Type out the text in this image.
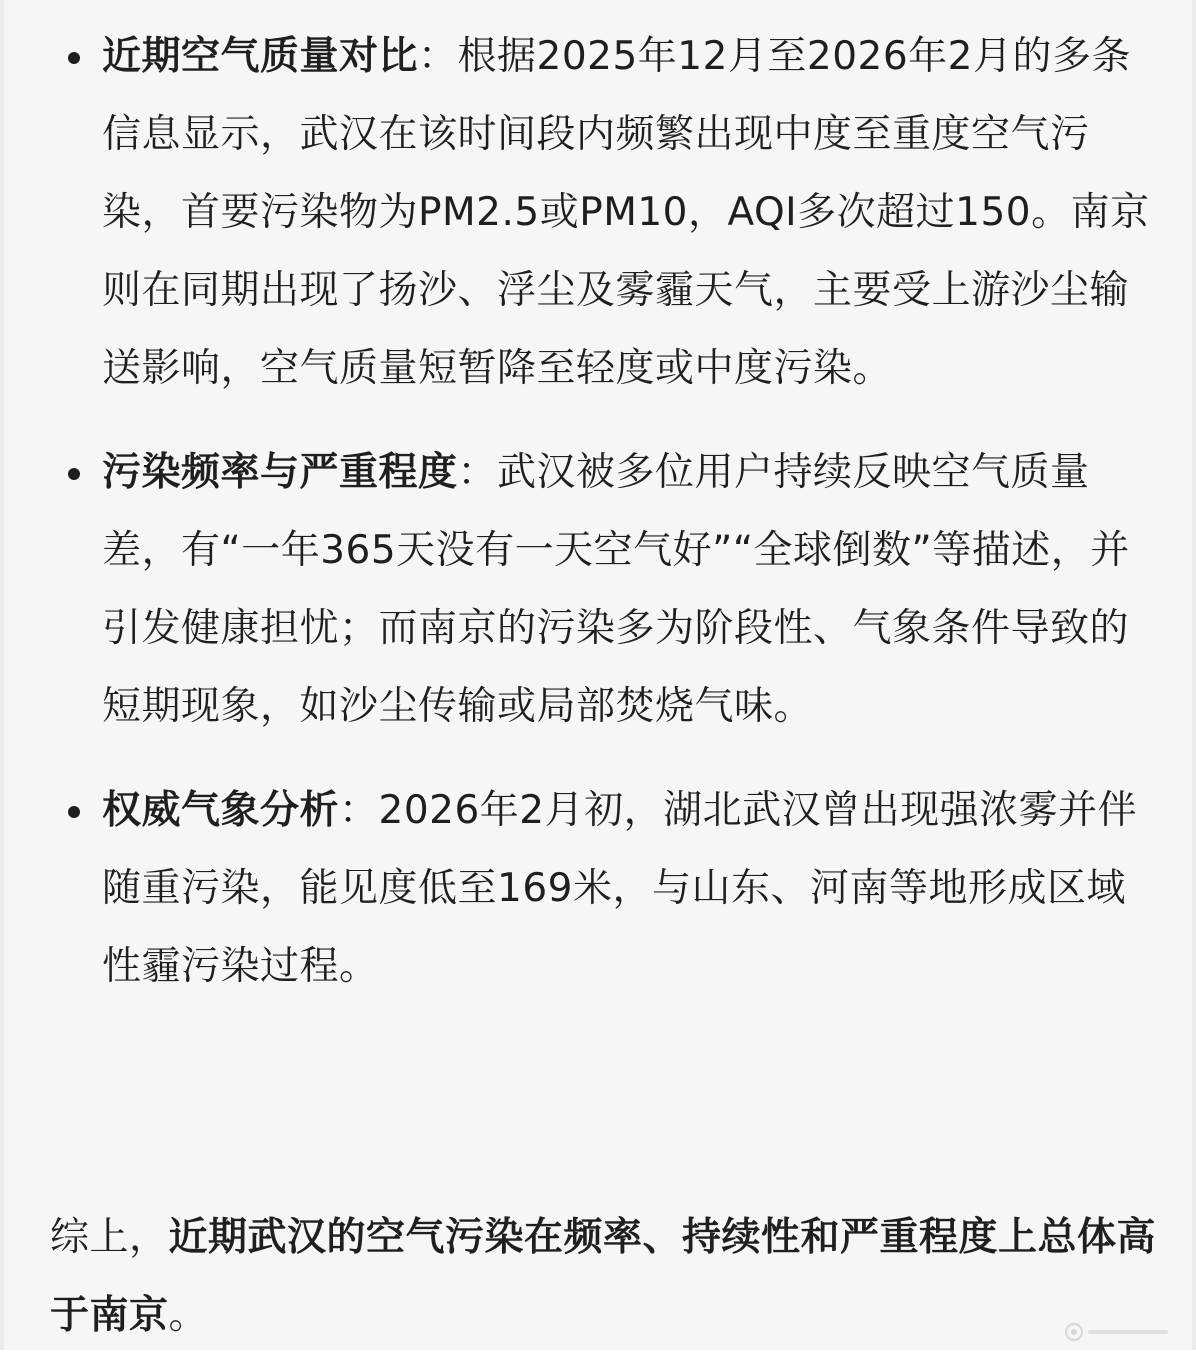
近期空气质量对比：根据2025年12月至2026年2月的多条信息显示，武汉在该时间段内频繁出现中度至重度空气污染，首要污染物为PM2.5或PM10，AQI多次超过150。南京则在同期出现了扬沙、浮尘及雾霾天气，主要受上游沙尘输送影响，空气质量短暂降至轻度或中度污染。
污染频率与严重程度：武汉被多位用户持续反映空气质量差，有“一年365天没有一天空气好”“全球倒数”等描述，并引发健康担忧；而南京的污染多为阶段性、气象条件导致的短期现象，如沙尘传输或局部焚烧气味。
权威气象分析：2026年2月初，湖北武汉曾出现强浓雾并伴随重污染，能见度低至169米，与山东、河南等地形成区域性霾污染过程。

综上，近期武汉的空气污染在频率、持续性和严重程度上总体高于南京。
